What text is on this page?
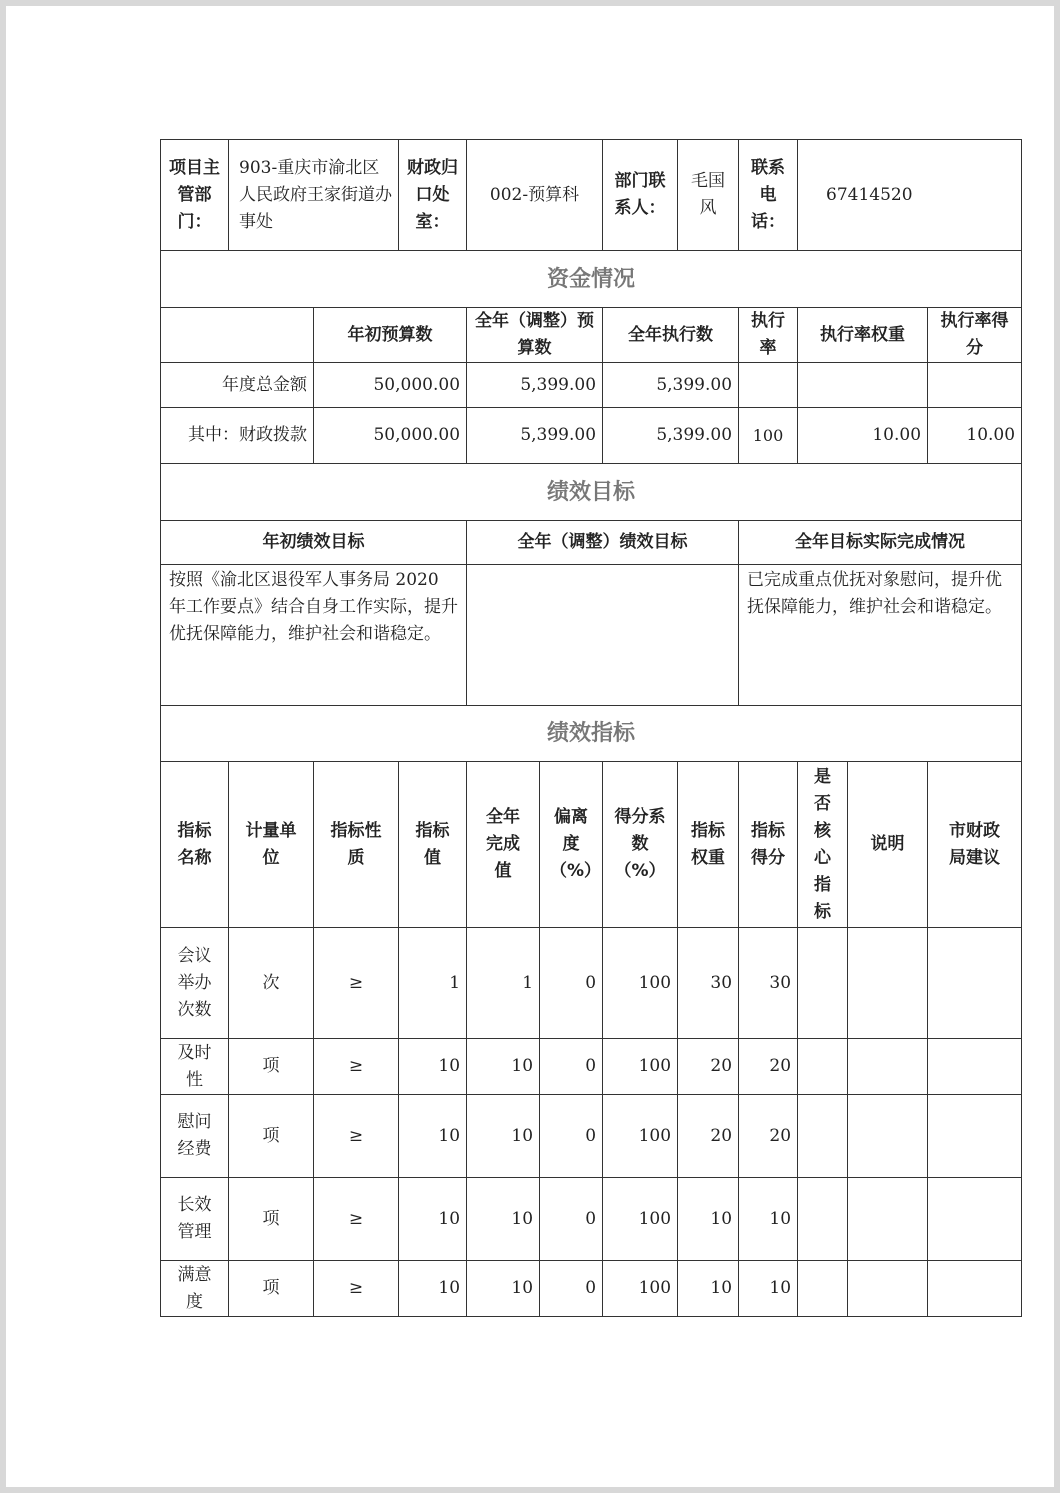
项目主管部门：	903-重庆市渝北区人民政府王家街道办事处		财政归口处室：	002-预算科		部门联系人：	毛国风	联系电话：	67414520		
资金情况											
		年初预算数		全年（调整）预算数		全年执行数		执行率	执行率权重		执行率得分
年度总金额		50,000.00		5,399.00		5,399.00					
其中：财政拨款		50,000.00		5,399.00		5,399.00		100	10.00		10.00
绩效目标											
年初绩效目标				全年（调整）绩效目标				全年目标实际完成情况			
按照《渝北区退役军人事务局 2020 年工作要点》结合自身工作实际，提升优抚保障能力，维护社会和谐稳定。								已完成重点优抚对象慰问，提升优抚保障能力，维护社会和谐稳定。			
绩效指标											
指标名称	计量单位	指标性质	指标值	全年完成值	偏离度（%）	得分系数（%）	指标权重	指标得分	是否核心指标	说明	市财政局建议
会议举办次数	次	≥	1	1	0	100	30	30			
及时性	项	≥	10	10	0	100	20	20			
慰问经费	项	≥	10	10	0	100	20	20			
长效管理	项	≥	10	10	0	100	10	10			
满意度	项	≥	10	10	0	100	10	10			
